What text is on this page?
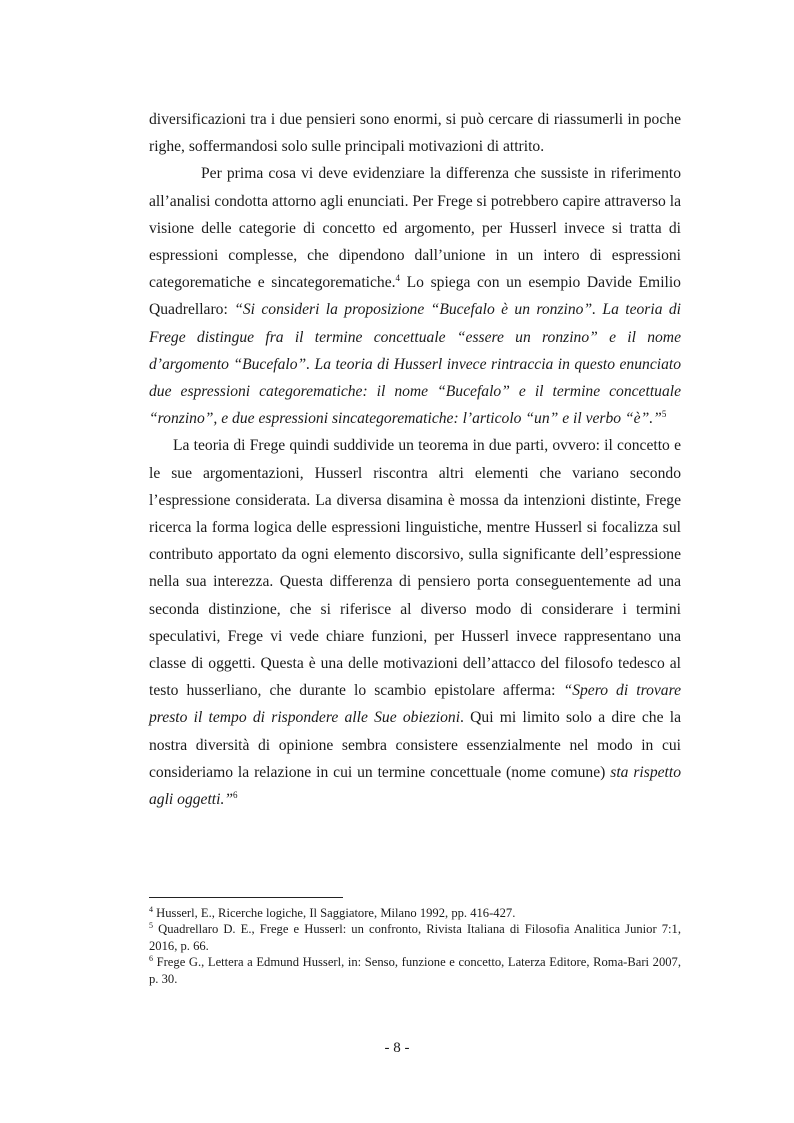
diversificazioni tra i due pensieri sono enormi, si può cercare di riassumerli in poche righe, soffermandosi solo sulle principali motivazioni di attrito.

Per prima cosa vi deve evidenziare la differenza che sussiste in riferimento all’analisi condotta attorno agli enunciati. Per Frege si potrebbero capire attraverso la visione delle categorie di concetto ed argomento, per Husserl invece si tratta di espressioni complesse, che dipendono dall’unione in un intero di espressioni categorematiche e sincategorematiche.$^4$ Lo spiega con un esempio Davide Emilio Quadrellaro: “Si consideri la proposizione “Bucefalo è un ronzino”. La teoria di Frege distingue fra il termine concettuale “essere un ronzino” e il nome d’argomento “Bucefalo”. La teoria di Husserl invece rintraccia in questo enunciato due espressioni categorematiche: il nome “Bucefalo” e il termine concettuale “ronzino”, e due espressioni sincategorematiche: l’articolo “un” e il verbo “è”.”$^5$

La teoria di Frege quindi suddivide un teorema in due parti, ovvero: il concetto e le sue argomentazioni, Husserl riscontra altri elementi che variano secondo l’espressione considerata. La diversa disamina è mossa da intenzioni distinte, Frege ricerca la forma logica delle espressioni linguistiche, mentre Husserl si focalizza sul contributo apportato da ogni elemento discorsivo, sulla significante dell’espressione nella sua interezza. Questa differenza di pensiero porta conseguentemente ad una seconda distinzione, che si riferisce al diverso modo di considerare i termini speculativi, Frege vi vede chiare funzioni, per Husserl invece rappresentano una classe di oggetti. Questa è una delle motivazioni dell’attacco del filosofo tedesco al testo husserliano, che durante lo scambio epistolare afferma: “Spero di trovare presto il tempo di rispondere alle Sue obiezioni. Qui mi limito solo a dire che la nostra diversità di opinione sembra consistere essenzialmente nel modo in cui consideriamo la relazione in cui un termine concettuale (nome comune) sta rispetto agli oggetti.”$^6$

$^4$ Husserl, E., Ricerche logiche, Il Saggiatore, Milano 1992, pp. 416-427.

$^5$ Quadrellaro D. E., Frege e Husserl: un confronto, Rivista Italiana di Filosofia Analitica Junior 7:1, 2016, p. 66.

$^6$ Frege G., Lettera a Edmund Husserl, in: Senso, funzione e concetto, Laterza Editore, Roma-Bari 2007, p. 30.

- 8 -
